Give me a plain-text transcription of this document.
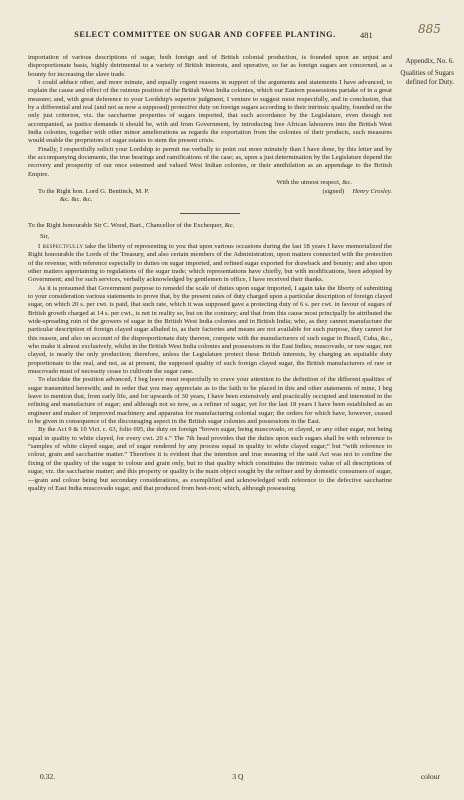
SELECT COMMITTEE ON SUGAR AND COFFEE PLANTING.	481	885
Appendix, No. 6.
Qualities of Sugars defined for Duty.

importation of various descriptions of sugar, both foreign and of British colonial production, is founded upon an unjust and disproportionate basis, highly detrimental to a variety of British interests, and operative, so far as foreign sugars are concerned, as a bounty for increasing the slave trade.

I could adduce other, and more minute, and equally cogent reasons in support of the arguments and statements I have advanced, to explain the cause and effect of the ruinous position of the British West India colonies, which our Eastern possessions partake of in a great measure; and, with great deference to your Lordship's superior judgment, I venture to suggest most respectfully, and in conclusion, that by a differential and real (and not as now a supposed) protective duty on foreign sugars according to their intrinsic quality, founded on the only just criterion, viz. the saccharine properties of sugars imported, that such accordance by the Legislature, even though not accompanied, as justice demands it should be, with aid from Government, by introducing free African labourers into the British West India colonies, together with other minor ameliorations as regards the exportation from the colonies of their products, such measures would enable the proprietors of sugar estates to stem the present crisis.

Finally, I respectfully solicit your Lordship to permit me verbally to point out more minutely than I have done, by this letter and by the accompanying documents, the true bearings and ramifications of the case; as, upon a just determination by the Legislature depend the recovery and prosperity of our once esteemed and valued West Indian colonies, or their annihilation as an appendage to the British Empire.

With the utmost respect, &c.

To the Right hon. Lord G. Bentinck, M. P.	(signed) Henry Crosley.

&c. &c. &c.

To the Right honourable Sir C. Wood, Bart., Chancellor of the Exchequer, &c.

Sir,

I respectfully take the liberty of representing to you that upon various occasions during the last 18 years I have memorialized the Right honourable the Lords of the Treasury, and also certain members of the Administration, upon matters connected with the protection of the revenue, with reference especially to duties on sugar imported, and refined sugar exported for drawback and bounty; and also upon other matters appertaining to regulations of the sugar trade; which representations have chiefly, but with modifications, been adopted by Government; and for such services, verbally acknowledged by gentlemen in office, I have received their thanks.

As it is presumed that Government purpose to remedel the scale of duties upon sugar imported, I again take the liberty of submitting to your consideration various statements to prove that, by the present rates of duty charged upon a particular description of foreign clayed sugar, on which 20 s. per cwt. is paid, that such rate, which it was supposed gave a protecting duty of 6 s. per cwt. in favour of sugars of British growth charged at 14 s. per cwt., is not in reality so, but on the contrary; and that from this cause most principally be attributed the wide-spreading ruin of the growers of sugar in the British West India colonies and in British India; who, as they cannot manufacture the particular description of foreign clayed sugar alluded to, as their factories and means are not available for such purpose, they cannot for this reason, and also on account of the disproportionate duty thereon, compete with the manufacturers of such sugar in Brazil, Cuba, &c., who make it almost exclusively, whilst in the British West India colonies and possessions in the East Indies, muscovado, or raw sugar, not clayed, is nearly the only production; therefore, unless the Legislature protect these British interests, by charging an equitable duty proportionate to the real, and not, as at present, the supposed quality of such foreign clayed sugar, the British manufacturers of raw or muscovado must of necessity cease to cultivate the sugar cane.

To elucidate the position advanced, I beg leave most respectfully to crave your attention to the definition of the different qualities of sugar transmitted herewith; and in order that you may appreciate as to the faith to be placed in this and other statements of mine, I beg leave to mention that, from early life, and for upwards of 30 years, I have been extensively and practically occupied and interested in the refining and manufacture of sugar; and although not so now, as a refiner of sugar, yet for the last 18 years I have been established as an engineer and maker of improved machinery and apparatus for manufacturing colonial sugar; the orders for which have, however, ceased to be given in consequence of the discouraging aspect in the British sugar colonies and possessions in the East.

By the Act 9 & 10 Vict. c. 63, folio 695, the duty on foreign “brown sugar, being muscovado, or clayed, or any other sugar, not being equal in quality to white clayed, for every cwt. 20 s.” The 7th head provides that the duties upon such sugars shall be with reference to “samples of white clayed sugar, and of sugar rendered by any process equal in quality to white clayed sugar;” but “with reference to colour, grain and saccharine matter.” Therefore it is evident that the intention and true meaning of the said Act was not to confine the fixing of the quality of the sugar to colour and grain only, but to that quality which constitutes the intrinsic value of all descriptions of sugar, viz. the saccharine matter; and this property or quality is the main object sought by the refiner and by domestic consumers of sugar,—grain and colour being but secondary considerations, as exemplified and acknowledged with reference to the defective saccharine quality of East India muscovado sugar, and that produced from beet-root; which, although possessing

0.32.	3 Q	colour
